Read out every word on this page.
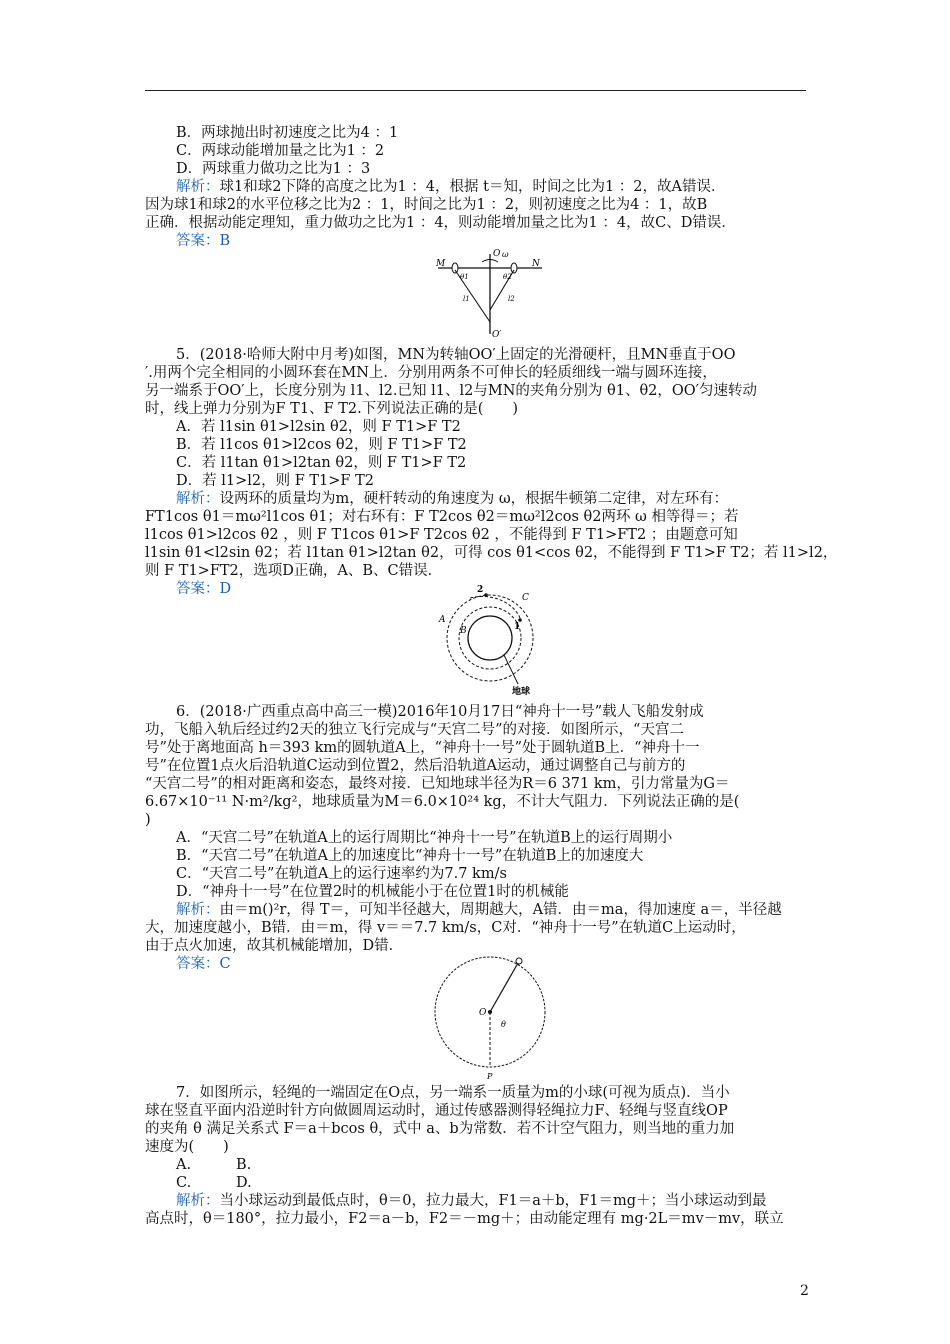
B．两球抛出时初速度之比为4 ：1
C．两球动能增加量之比为1 ：2
D．两球重力做功之比为1 ：3
解析：球1和球2下降的高度之比为1 ：4，根据 t＝知，时间之比为1 ：2，故A错误．
因为球1和球2的水平位移之比为2 ：1，时间之比为1 ：2，则初速度之比为4 ：1，故B
正确．根据动能定理知，重力做功之比为1 ：4，则动能增加量之比为1 ：4，故C、D错误．
答案：B
M	N
O ω
θ1	θ2
l1	l2
O′
5．(2018·哈师大附中月考)如图，MN为转轴OO′上固定的光滑硬杆，且MN垂直于OO
′.用两个完全相同的小圆环套在MN上．分别用两条不可伸长的轻质细线一端与圆环连接，
另一端系于OO′上，长度分别为 l1、l2.已知 l1、l2与MN的夹角分别为 θ1、θ2，OO′匀速转动
时，线上弹力分别为F T1、F T2.下列说法正确的是(　　)
A．若 l1sin θ1>l2sin θ2，则 F T1>F T2
B．若 l1cos θ1>l2cos θ2，则 F T1>F T2
C．若 l1tan θ1>l2tan θ2，则 F T1>F T2
D．若 l1>l2，则 F T1>F T2
解析：设两环的质量均为m，硬杆转动的角速度为 ω，根据牛顿第二定律，对左环有：
FT1cos θ1＝mω²l1cos θ1；对右环有：F T2cos θ2＝mω²l2cos θ2两环 ω 相等得＝；若
l1cos θ1>l2cos θ2 ，则 F T1cos θ1>F T2cos θ2 ，不能得到 F T1>FT2 ；由题意可知
l1sin θ1<l2sin θ2；若 l1tan θ1>l2tan θ2，可得 cos θ1<cos θ2，不能得到 F T1>F T2；若 l1>l2，
则 F T1>FT2，选项D正确，A、B、C错误．
答案：D	2
1
A
B
C
地球
6．(2018·广西重点高中高三一模)2016年10月17日“神舟十一号”载人飞船发射成
功，飞船入轨后经过约2天的独立飞行完成与“天宫二号”的对接．如图所示，“天宫二
号”处于离地面高 h＝393 km的圆轨道A上，“神舟十一号”处于圆轨道B上．“神舟十一
号”在位置1点火后沿轨道C运动到位置2，然后沿轨道A运动，通过调整自己与前方的
“天宫二号”的相对距离和姿态，最终对接．已知地球半径为R＝6 371 km，引力常量为G＝
6.67×10⁻¹¹ N·m²/kg²，地球质量为M＝6.0×10²⁴ kg，不计大气阻力．下列说法正确的是(
)
A．“天宫二号”在轨道A上的运行周期比“神舟十一号”在轨道B上的运行周期小
B．“天宫二号”在轨道A上的加速度比“神舟十一号”在轨道B上的加速度大
C．“天宫二号”在轨道A上的运行速率约为7.7 km/s
D．“神舟十一号”在位置2时的机械能小于在位置1时的机械能
解析：由＝m()²r，得 T＝，可知半径越大，周期越大，A错．由＝ma，得加速度 a＝，半径越
大，加速度越小，B错．由＝m，得 v＝＝7.7 km/s，C对．“神舟十一号”在轨道C上运动时，
由于点火加速，故其机械能增加，D错．
答案：C
O
θ
P
7．如图所示，轻绳的一端固定在O点，另一端系一质量为m的小球(可视为质点)．当小
球在竖直平面内沿逆时针方向做圆周运动时，通过传感器测得轻绳拉力F、轻绳与竖直线OP
的夹角 θ 满足关系式 F＝a＋bcos θ，式中 a、b为常数．若不计空气阻力，则当地的重力加
速度为(　　)
A.	B.
C.	D.
解析：当小球运动到最低点时，θ＝0，拉力最大，F1＝a＋b，F1＝mg＋；当小球运动到最
高点时，θ＝180°，拉力最小，F2＝a－b，F2＝－mg＋；由动能定理有 mg·2L＝mv－mv，联立
2
